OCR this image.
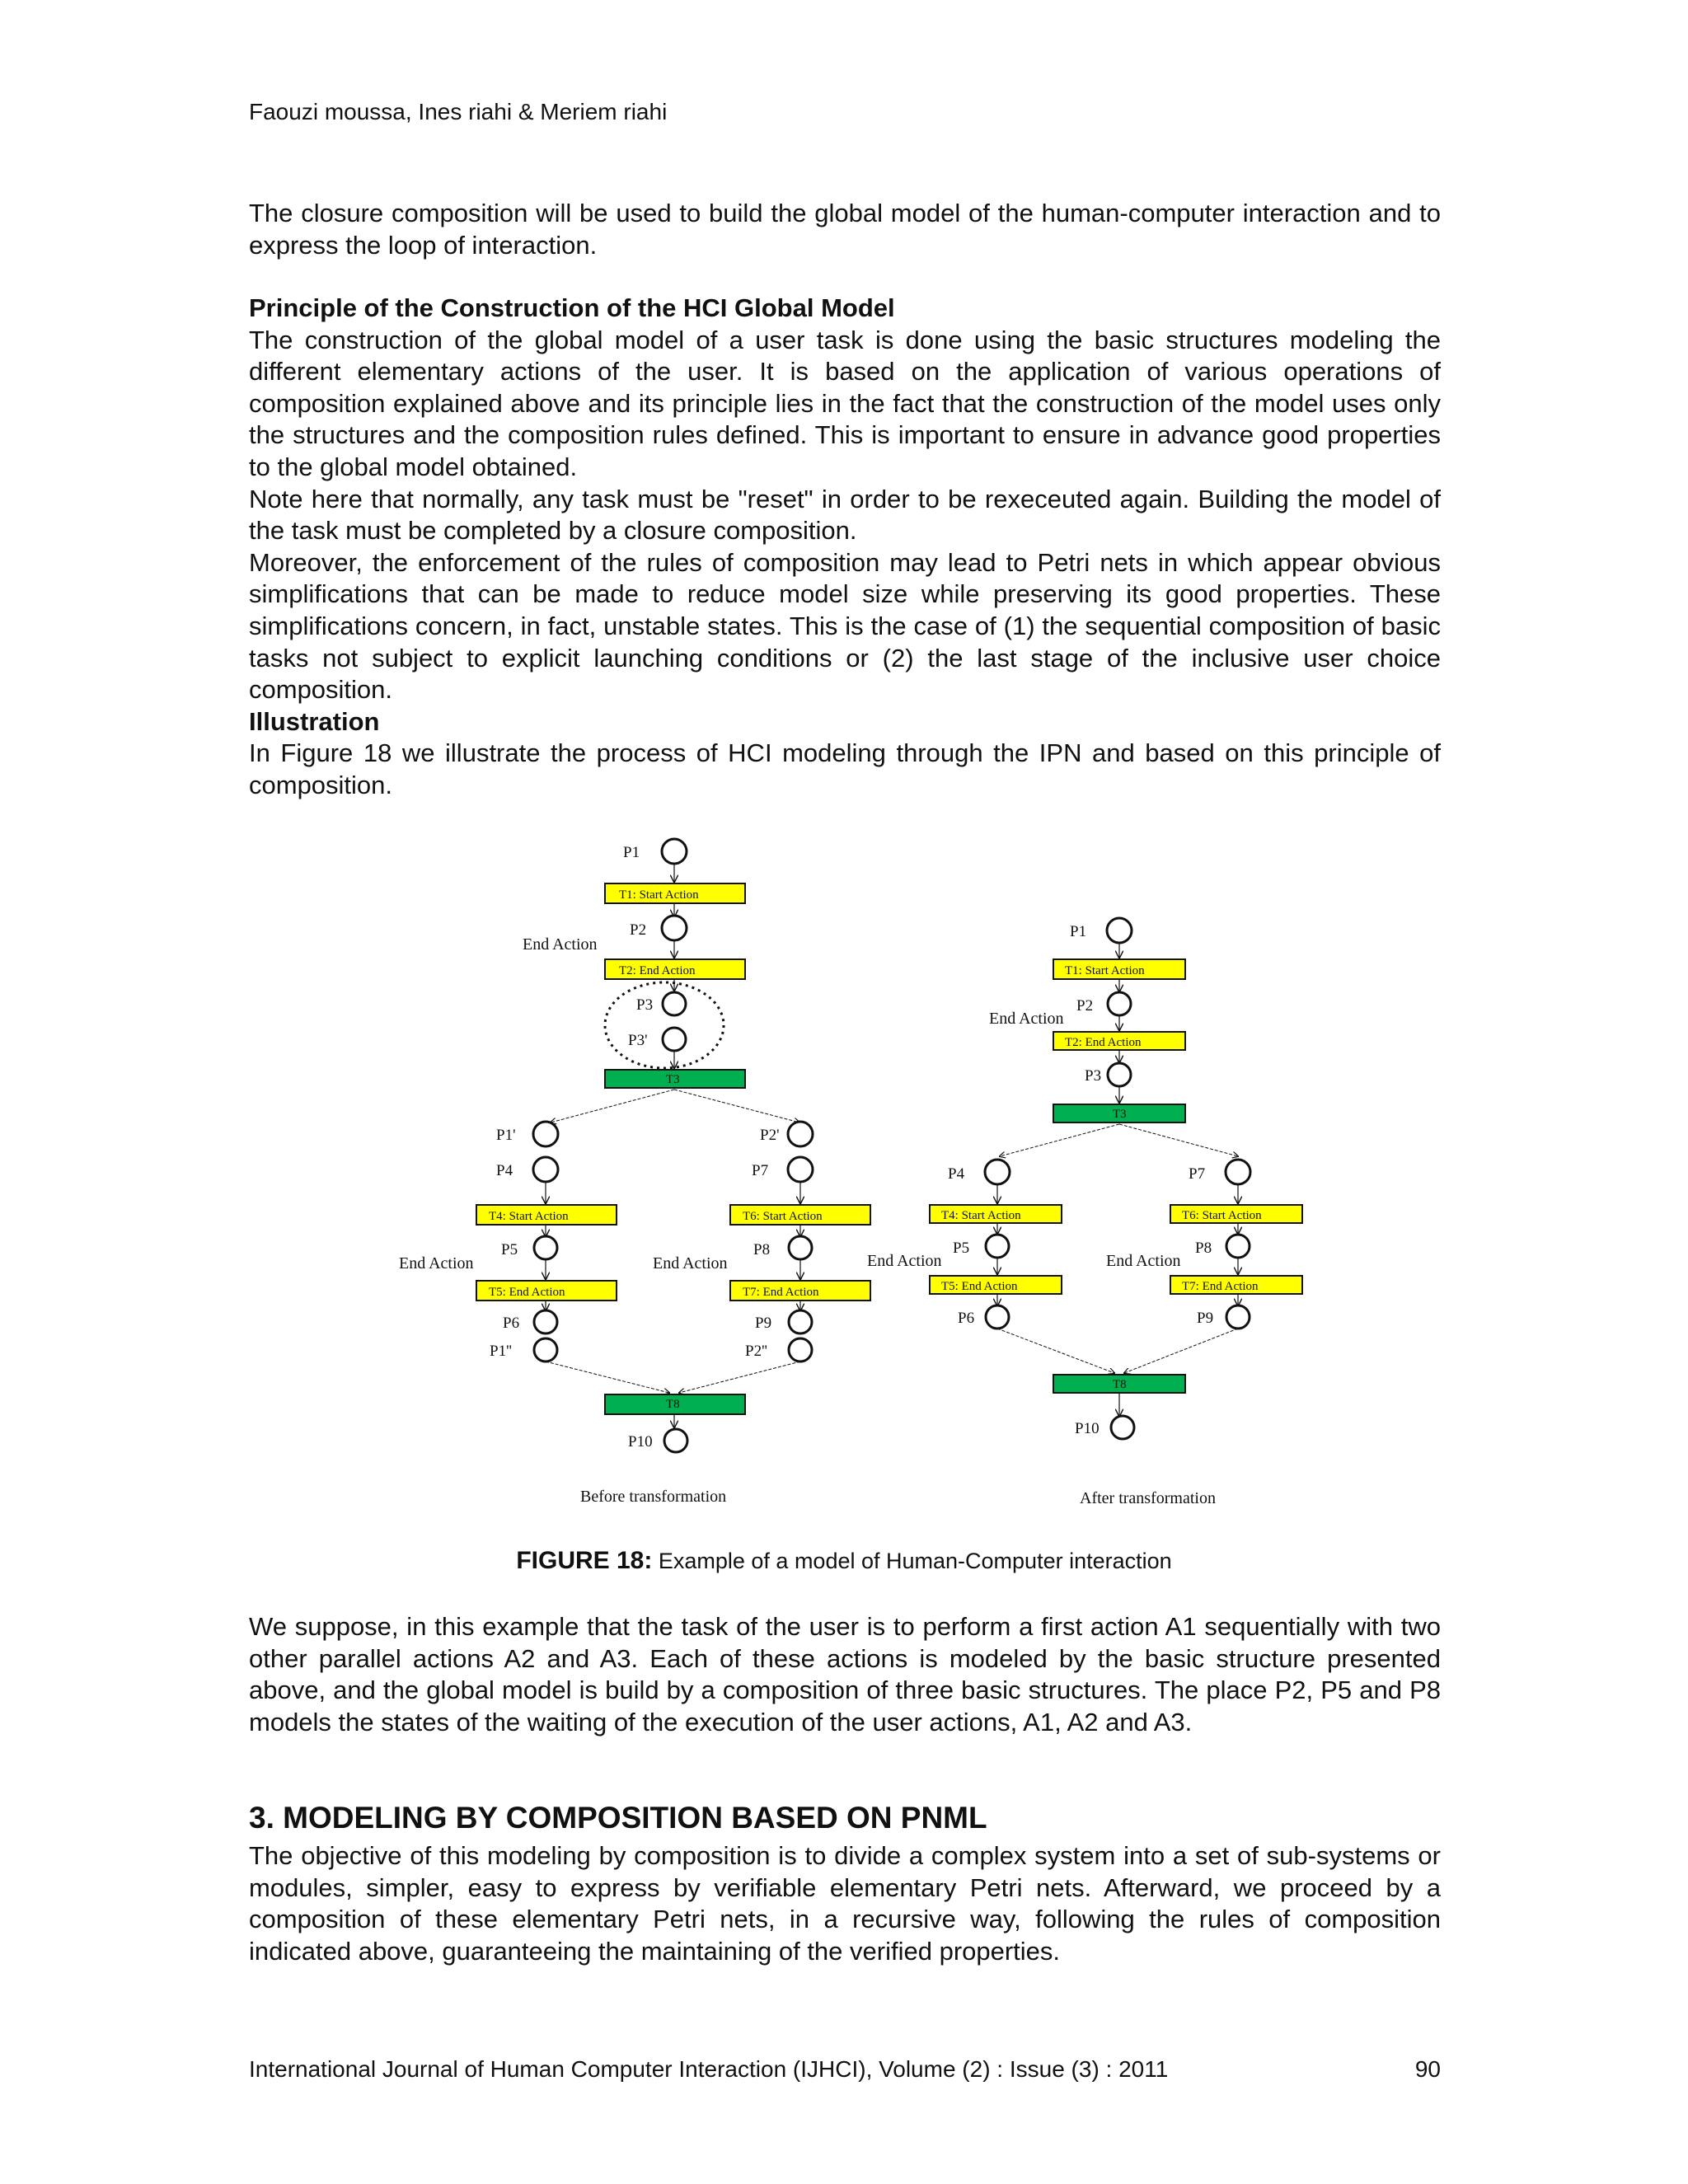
Faouzi moussa, Ines riahi & Meriem riahi

The closure composition will be used to build the global model of the human-computer interaction and to express the loop of interaction.

Principle of the Construction of the HCI Global Model

The construction of the global model of a user task is done using the basic structures modeling the different elementary actions of the user. It is based on the application of various operations of composition explained above and its principle lies in the fact that the construction of the model uses only the structures and the composition rules defined. This is important to ensure in advance good properties to the global model obtained.

Note here that normally, any task must be "reset" in order to be rexeceuted again. Building the model of the task must be completed by a closure composition.

Moreover, the enforcement of the rules of composition may lead to Petri nets in which appear obvious simplifications that can be made to reduce model size while preserving its good properties. These simplifications concern, in fact, unstable states. This is the case of (1) the sequential composition of basic tasks not subject to explicit launching conditions or (2) the last stage of the inclusive user choice composition.

Illustration

In Figure 18 we illustrate the process of HCI modeling through the IPN and based on this principle of composition.

P1
T1: Start Action
End Action
P2
T2: End Action
P3
P3'
T3
P1'
P4
T4: Start Action
End Action
P5
T5: End Action
P6
P1''
P2'
P7
T6: Start Action
End Action
P8
T7: End Action
P9
P2''
T8
P10
Before transformation
P1
T1: Start Action
End Action
P2
T2: End Action
P3
T3
P4
T4: Start Action
End Action
P5
T5: End Action
P6
P7
T6: Start Action
End Action
P8
T7: End Action
P9
T8
P10
After transformation
FIGURE 18: Example of a model of Human-Computer interaction

We suppose, in this example that the task of the user is to perform a first action A1 sequentially with two other parallel actions A2 and A3. Each of these actions is modeled by the basic structure presented above, and the global model is build by a composition of three basic structures. The place P2, P5 and P8 models the states of the waiting of the execution of the user actions, A1, A2 and A3.

3. MODELING BY COMPOSITION BASED ON PNML

The objective of this modeling by composition is to divide a complex system into a set of sub-systems or modules, simpler, easy to express by verifiable elementary Petri nets. Afterward, we proceed by a composition of these elementary Petri nets, in a recursive way, following the rules of composition indicated above, guaranteeing the maintaining of the verified properties.

International Journal of Human Computer Interaction (IJHCI), Volume (2) : Issue (3) : 2011	90
